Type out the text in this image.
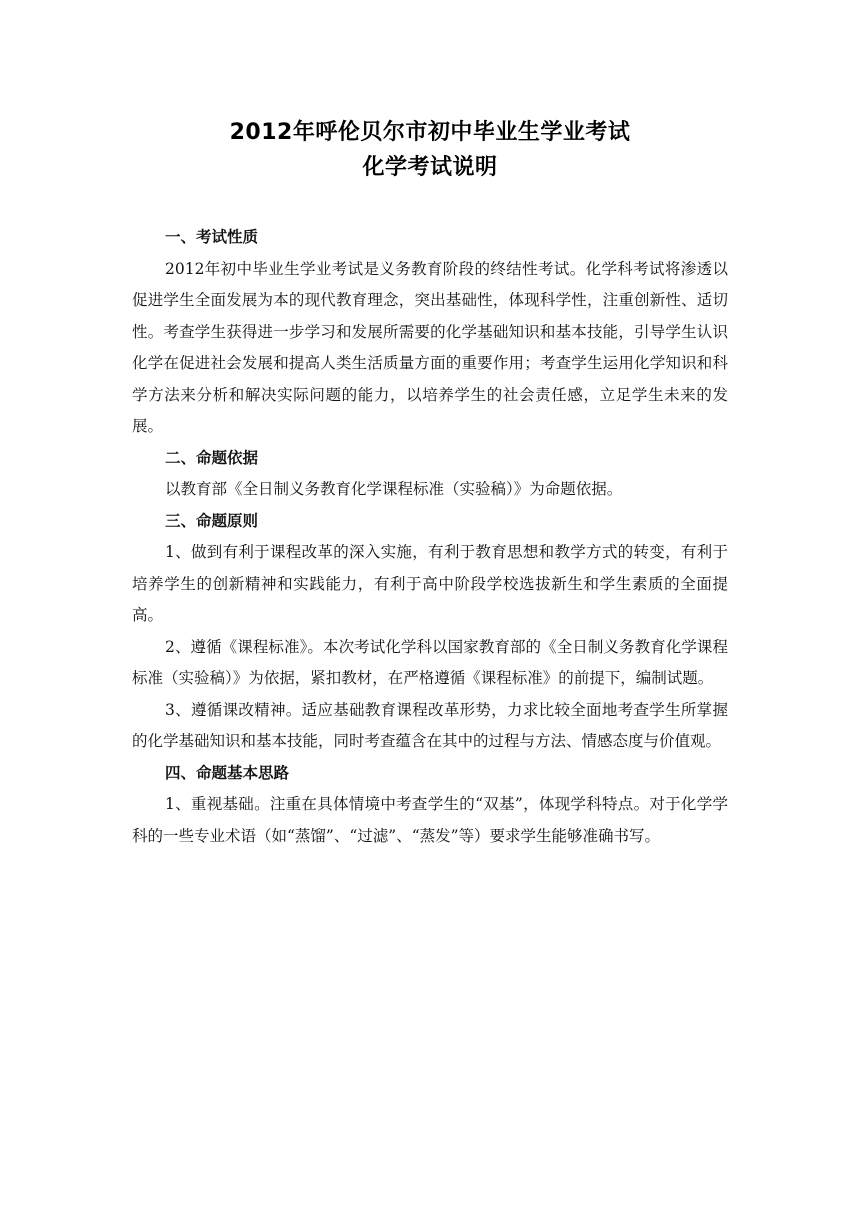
2012年呼伦贝尔市初中毕业生学业考试
化学考试说明
一、考试性质

2012年初中毕业生学业考试是义务教育阶段的终结性考试。化学科考试将渗透以促进学生全面发展为本的现代教育理念，突出基础性，体现科学性，注重创新性、适切性。考查学生获得进一步学习和发展所需要的化学基础知识和基本技能，引导学生认识化学在促进社会发展和提高人类生活质量方面的重要作用；考查学生运用化学知识和科学方法来分析和解决实际问题的能力，以培养学生的社会责任感，立足学生未来的发展。

二、命题依据

以教育部《全日制义务教育化学课程标准（实验稿）》为命题依据。

三、命题原则

1、做到有利于课程改革的深入实施，有利于教育思想和教学方式的转变，有利于培养学生的创新精神和实践能力，有利于高中阶段学校选拔新生和学生素质的全面提高。

2、遵循《课程标准》。本次考试化学科以国家教育部的《全日制义务教育化学课程标准（实验稿）》为依据，紧扣教材，在严格遵循《课程标准》的前提下，编制试题。

3、遵循课改精神。适应基础教育课程改革形势，力求比较全面地考查学生所掌握的化学基础知识和基本技能，同时考查蕴含在其中的过程与方法、情感态度与价值观。

四、命题基本思路

1、重视基础。注重在具体情境中考查学生的“双基”，体现学科特点。对于化学学科的一些专业术语（如“蒸馏”、“过滤”、“蒸发”等）要求学生能够准确书写。
